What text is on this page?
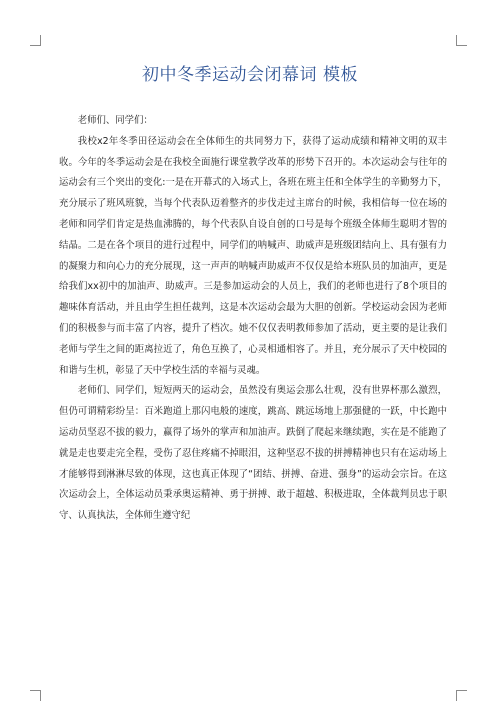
初中冬季运动会闭幕词 模板

老师们、同学们：

我校x2年冬季田径运动会在全体师生的共同努力下，获得了运动成绩和精神文明的双丰收。今年的冬季运动会是在我校全面施行课堂教学改革的形势下召开的。本次运动会与往年的运动会有三个突出的变化:一是在开幕式的入场式上，各班在班主任和全体学生的辛勤努力下，充分展示了班风班貌，当每个代表队迈着整齐的步伐走过主席台的时候，我相信每一位在场的老师和同学们肯定是热血沸腾的，每个代表队自设自创的口号是每个班级全体师生聪明才智的结晶。二是在各个项目的进行过程中，同学们的呐喊声、助威声是班级团结向上、具有强有力的凝聚力和向心力的充分展现，这一声声的呐喊声助威声不仅仅是给本班队员的加油声，更是给我们xx初中的加油声、助威声。三是参加运动会的人员上，我们的老师也进行了8个项目的趣味体育活动，并且由学生担任裁判，这是本次运动会最为大胆的创新。学校运动会因为老师们的积极参与而丰富了内容，提升了档次。她不仅仅表明教师参加了活动，更主要的是让我们老师与学生之间的距离拉近了，角色互换了，心灵相通相容了。并且，充分展示了天中校园的和谐与生机，彰显了天中学校生活的幸福与灵魂。

老师们、同学们，短短两天的运动会，虽然没有奥运会那么壮观，没有世界杯那么激烈，但仍可谓精彩纷呈：百米跑道上那闪电般的速度，跳高、跳远场地上那强健的一跃，中长跑中运动员坚忍不拔的毅力，赢得了场外的掌声和加油声。跌倒了爬起来继续跑，实在是不能跑了就是走也要走完全程，受伤了忍住疼痛不掉眼泪，这种坚忍不拔的拼搏精神也只有在运动场上才能够得到淋淋尽致的体现，这也真正体现了“团结、拼搏、奋进、强身”的运动会宗旨。在这次运动会上，全体运动员秉承奥运精神、勇于拼搏、敢于超越、积极进取，全体裁判员忠于职守、认真执法，全体师生遵守纪
